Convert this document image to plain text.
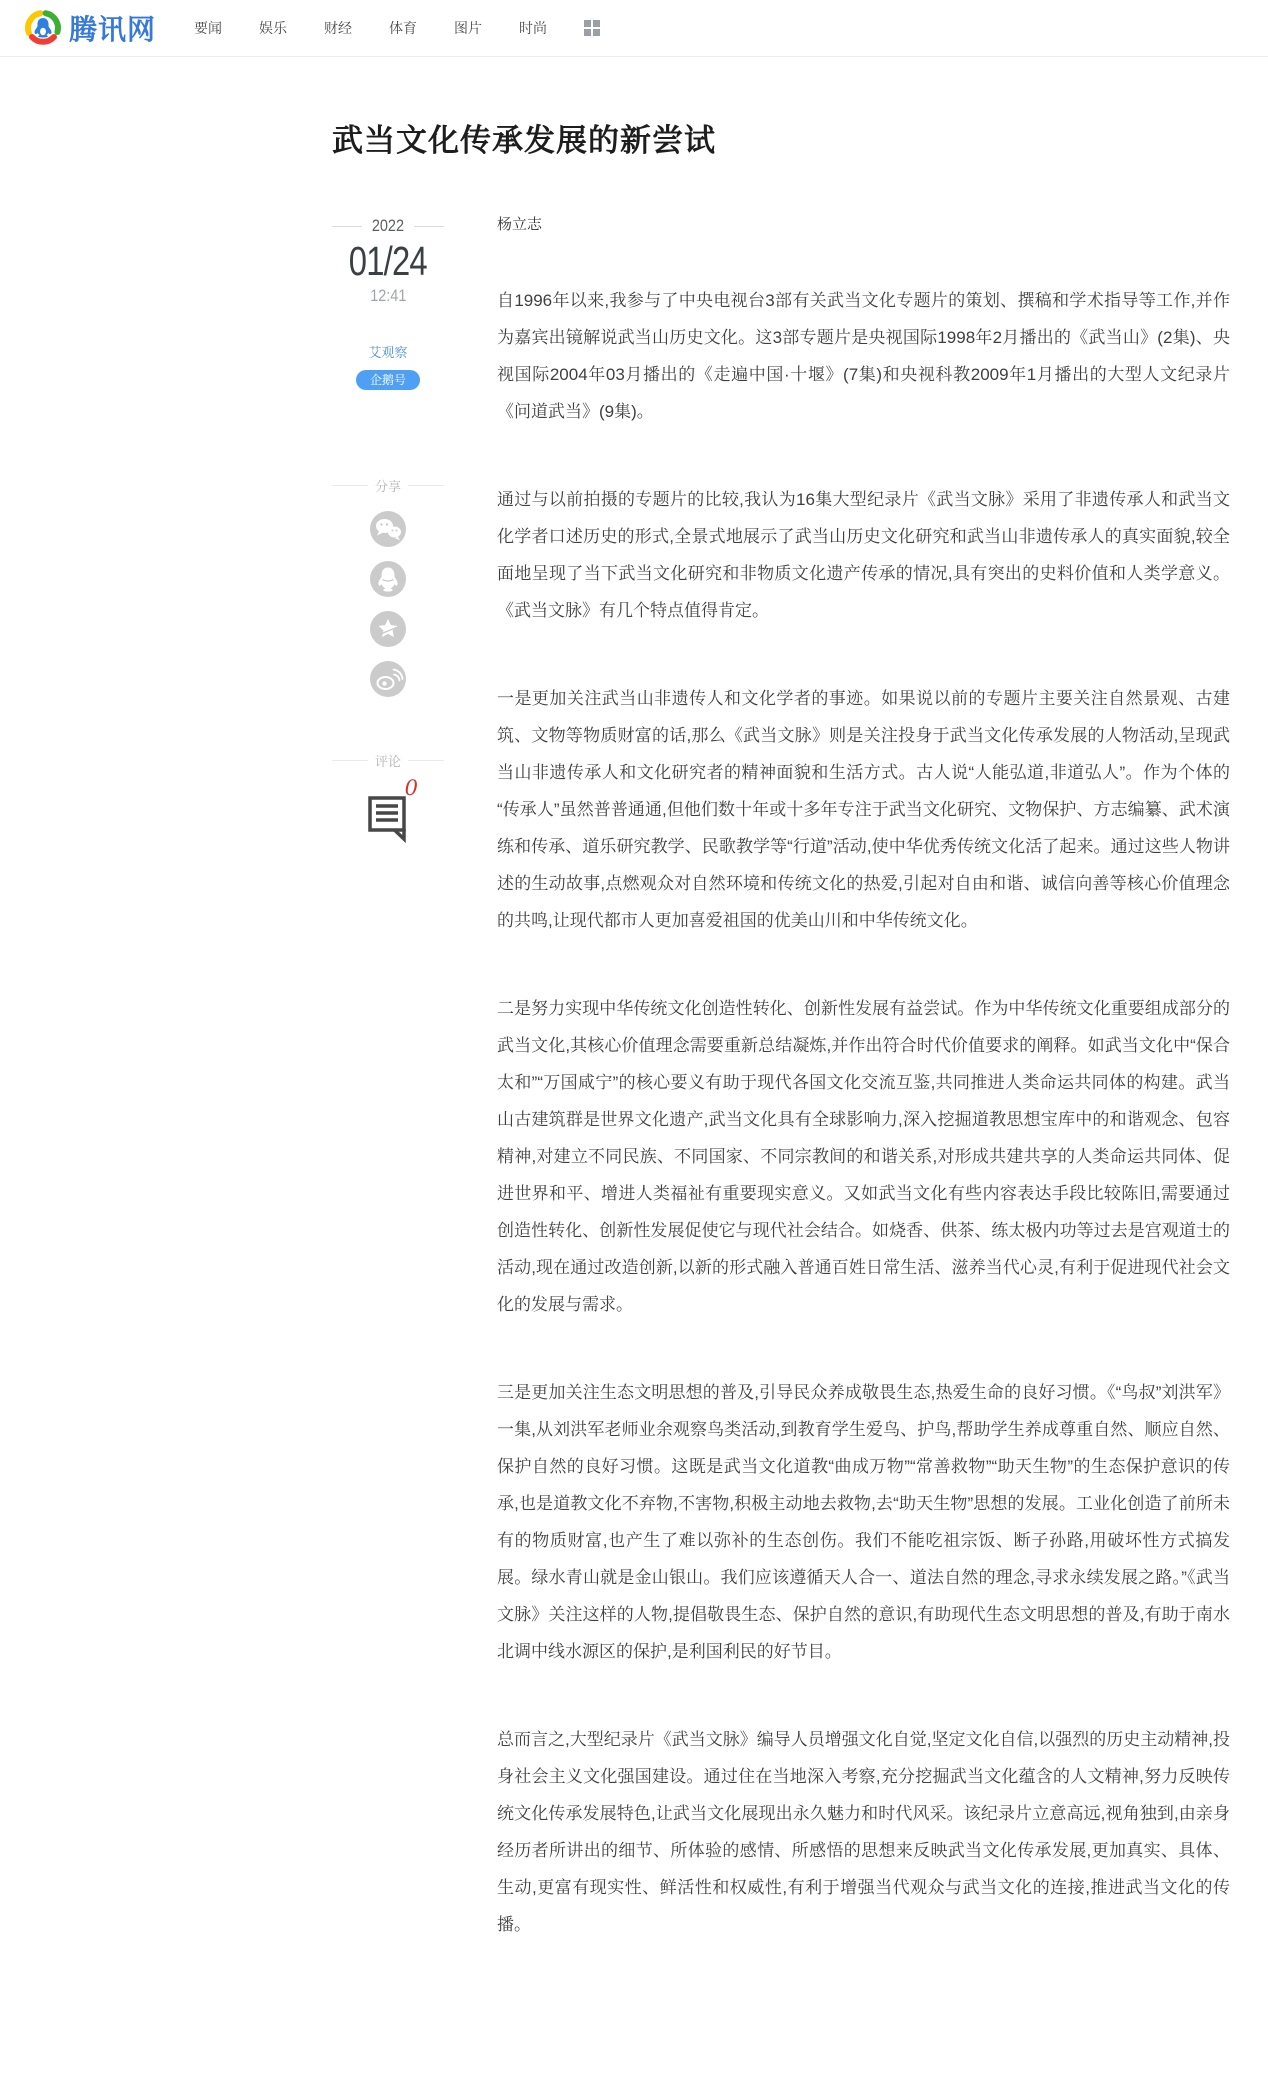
腾讯网	要闻	娱乐	财经	体育	图片	时尚
武当文化传承发展的新尝试
2022
01/24
12:41
艾观察
企鹅号
分享
评论
0

杨立志

自1996年以来,我参与了中央电视台3部有关武当文化专题片的策划、撰稿和学术指导等工作,并作为嘉宾出镜解说武当山历史文化。这3部专题片是央视国际1998年2月播出的《武当山》(2集)、央视国际2004年03月播出的《走遍中国·十堰》(7集)和央视科教2009年1月播出的大型人文纪录片《问道武当》(9集)。

通过与以前拍摄的专题片的比较,我认为16集大型纪录片《武当文脉》采用了非遗传承人和武当文化学者口述历史的形式,全景式地展示了武当山历史文化研究和武当山非遗传承人的真实面貌,较全面地呈现了当下武当文化研究和非物质文化遗产传承的情况,具有突出的史料价值和人类学意义。《武当文脉》有几个特点值得肯定。

一是更加关注武当山非遗传人和文化学者的事迹。如果说以前的专题片主要关注自然景观、古建筑、文物等物质财富的话,那么《武当文脉》则是关注投身于武当文化传承发展的人物活动,呈现武当山非遗传承人和文化研究者的精神面貌和生活方式。古人说“人能弘道,非道弘人”。作为个体的“传承人”虽然普普通通,但他们数十年或十多年专注于武当文化研究、文物保护、方志编纂、武术演练和传承、道乐研究教学、民歌教学等“行道”活动,使中华优秀传统文化活了起来。通过这些人物讲述的生动故事,点燃观众对自然环境和传统文化的热爱,引起对自由和谐、诚信向善等核心价值理念的共鸣,让现代都市人更加喜爱祖国的优美山川和中华传统文化。

二是努力实现中华传统文化创造性转化、创新性发展有益尝试。作为中华传统文化重要组成部分的武当文化,其核心价值理念需要重新总结凝炼,并作出符合时代价值要求的阐释。如武当文化中“保合太和”“万国咸宁”的核心要义有助于现代各国文化交流互鉴,共同推进人类命运共同体的构建。武当山古建筑群是世界文化遗产,武当文化具有全球影响力,深入挖掘道教思想宝库中的和谐观念、包容精神,对建立不同民族、不同国家、不同宗教间的和谐关系,对形成共建共享的人类命运共同体、促进世界和平、增进人类福祉有重要现实意义。又如武当文化有些内容表达手段比较陈旧,需要通过创造性转化、创新性发展促使它与现代社会结合。如烧香、供茶、练太极内功等过去是宫观道士的活动,现在通过改造创新,以新的形式融入普通百姓日常生活、滋养当代心灵,有利于促进现代社会文化的发展与需求。

三是更加关注生态文明思想的普及,引导民众养成敬畏生态,热爱生命的良好习惯。《“鸟叔”刘洪军》一集,从刘洪军老师业余观察鸟类活动,到教育学生爱鸟、护鸟,帮助学生养成尊重自然、顺应自然、保护自然的良好习惯。这既是武当文化道教“曲成万物”“常善救物”“助天生物”的生态保护意识的传承,也是道教文化不弃物,不害物,积极主动地去救物,去“助天生物”思想的发展。工业化创造了前所未有的物质财富,也产生了难以弥补的生态创伤。我们不能吃祖宗饭、断子孙路,用破坏性方式搞发展。绿水青山就是金山银山。我们应该遵循天人合一、道法自然的理念,寻求永续发展之路。”《武当文脉》关注这样的人物,提倡敬畏生态、保护自然的意识,有助现代生态文明思想的普及,有助于南水北调中线水源区的保护,是利国利民的好节目。

总而言之,大型纪录片《武当文脉》编导人员增强文化自觉,坚定文化自信,以强烈的历史主动精神,投身社会主义文化强国建设。通过住在当地深入考察,充分挖掘武当文化蕴含的人文精神,努力反映传统文化传承发展特色,让武当文化展现出永久魅力和时代风采。该纪录片立意高远,视角独到,由亲身经历者所讲出的细节、所体验的感情、所感悟的思想来反映武当文化传承发展,更加真实、具体、生动,更富有现实性、鲜活性和权威性,有利于增强当代观众与武当文化的连接,推进武当文化的传播。
